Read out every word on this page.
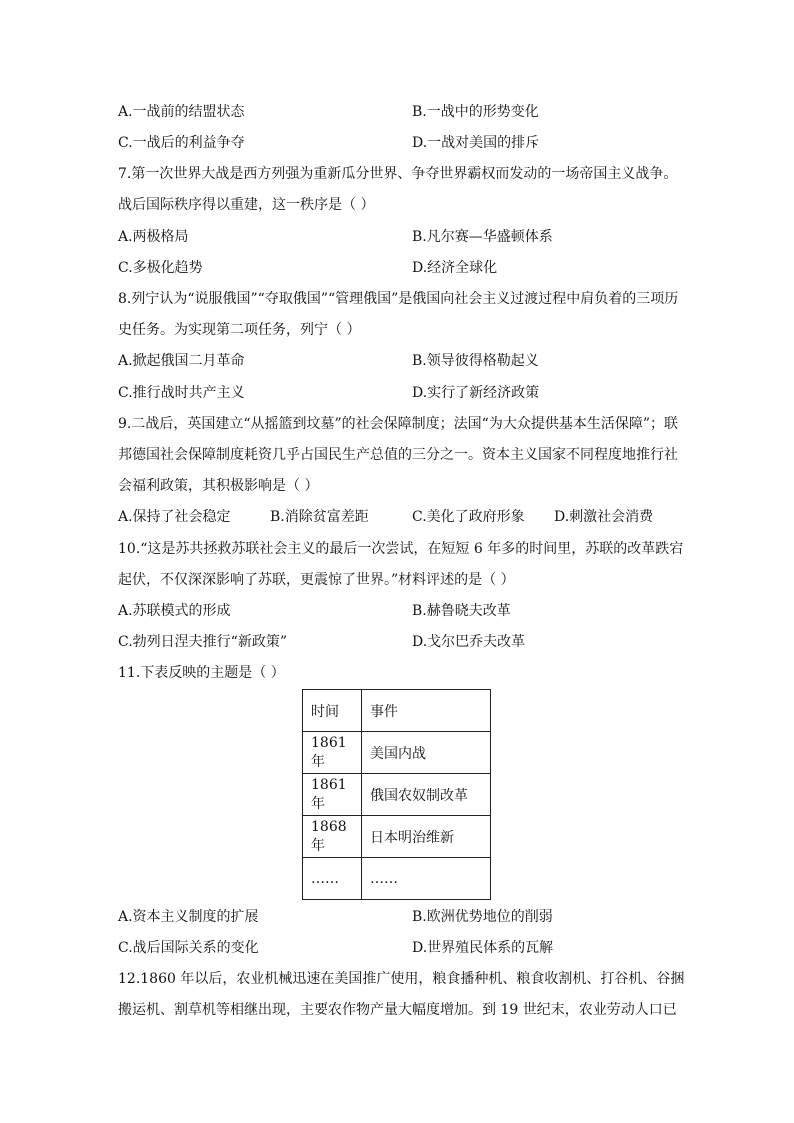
A.一战前的结盟状态	B.一战中的形势变化
C.一战后的利益争夺	D.一战对美国的排斥
7.第一次世界大战是西方列强为重新瓜分世界、争夺世界霸权而发动的一场帝国主义战争。
战后国际秩序得以重建，这一秩序是（ ）
A.两极格局	B.凡尔赛—华盛顿体系
C.多极化趋势	D.经济全球化
8.列宁认为“说服俄国”“夺取俄国”“管理俄国”是俄国向社会主义过渡过程中肩负着的三项历
史任务。为实现第二项任务，列宁（ ）
A.掀起俄国二月革命	B.领导彼得格勒起义
C.推行战时共产主义	D.实行了新经济政策
9.二战后，英国建立“从摇篮到坟墓”的社会保障制度；法国“为大众提供基本生活保障”；联
邦德国社会保障制度耗资几乎占国民生产总值的三分之一。资本主义国家不同程度地推行社
会福利政策，其积极影响是（ ）
A.保持了社会稳定	B.消除贫富差距	C.美化了政府形象 D.刺激社会消费
10.“这是苏共拯救苏联社会主义的最后一次尝试，在短短 6 年多的时间里，苏联的改革跌宕
起伏，不仅深深影响了苏联，更震惊了世界。”材料评述的是（ ）
A.苏联模式的形成	B.赫鲁晓夫改革
C.勃列日涅夫推行“新政策”	D.戈尔巴乔夫改革
11.下表反映的主题是（ ）
时间	事件
1861年	美国内战
1861年	俄国农奴制改革
1868年	日本明治维新
……	……
A.资本主义制度的扩展	B.欧洲优势地位的削弱
C.战后国际关系的变化	D.世界殖民体系的瓦解
12.1860 年以后，农业机械迅速在美国推广使用，粮食播种机、粮食收割机、打谷机、谷捆
搬运机、割草机等相继出现，主要农作物产量大幅度增加。到 19 世纪末，农业劳动人口已
